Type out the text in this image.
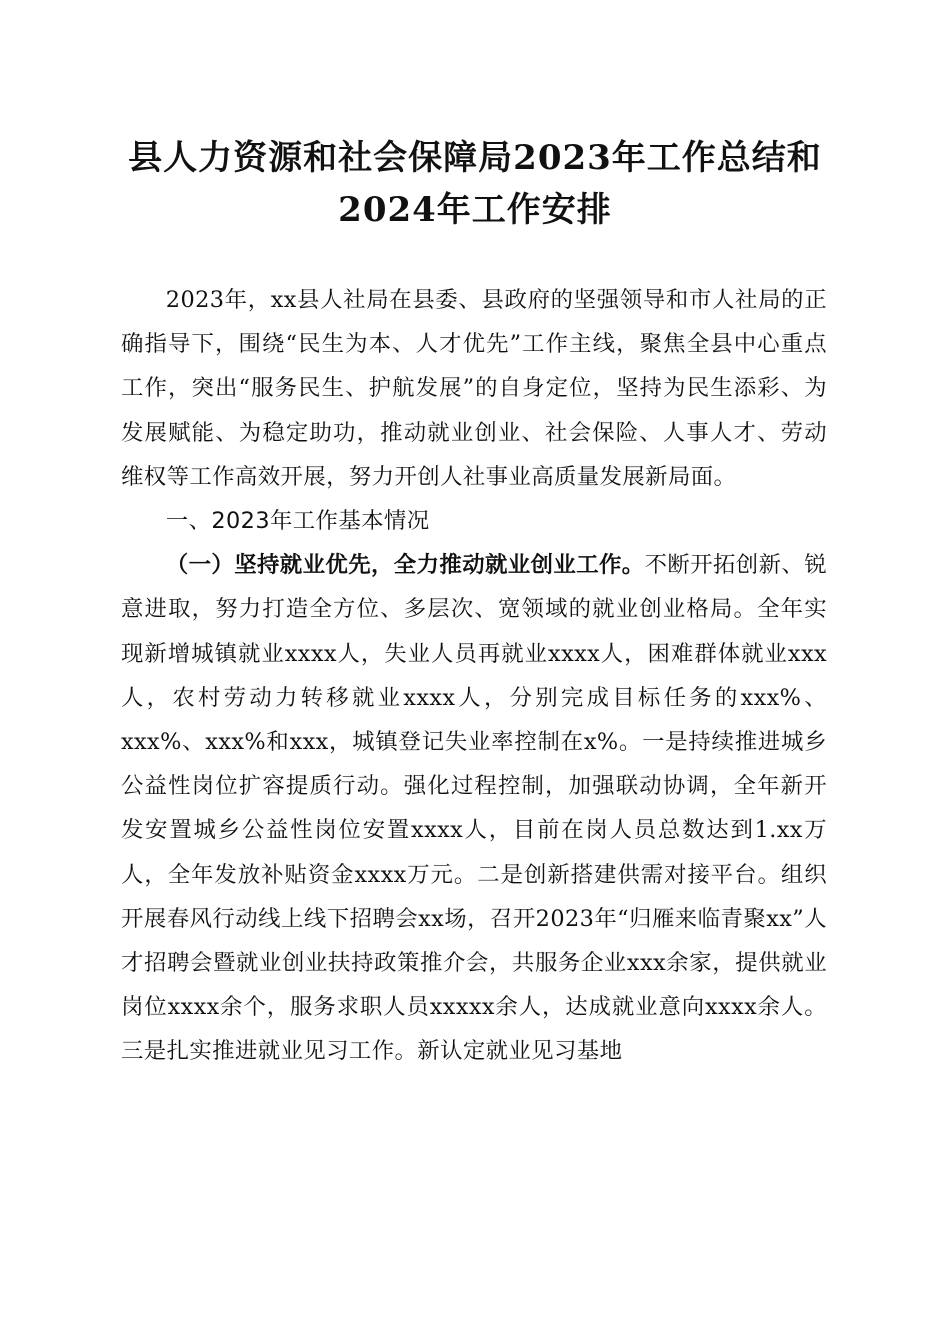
县人力资源和社会保障局2023年工作总结和
2024年工作安排

2023年，xx县人社局在县委、县政府的坚强领导和市人社局的正确指导下，围绕“民生为本、人才优先”工作主线，聚焦全县中心重点工作，突出“服务民生、护航发展”的自身定位，坚持为民生添彩、为发展赋能、为稳定助功，推动就业创业、社会保险、人事人才、劳动维权等工作高效开展，努力开创人社事业高质量发展新局面。

一、2023年工作基本情况

（一）坚持就业优先，全力推动就业创业工作。不断开拓创新、锐意进取，努力打造全方位、多层次、宽领域的就业创业格局。全年实现新增城镇就业xxxx人，失业人员再就业xxxx人，困难群体就业xxx人，农村劳动力转移就业xxxx人，分别完成目标任务的xxx%、xxx%、xxx%和xxx，城镇登记失业率控制在x%。一是持续推进城乡公益性岗位扩容提质行动。强化过程控制，加强联动协调，全年新开发安置城乡公益性岗位安置xxxx人，目前在岗人员总数达到1.xx万人，全年发放补贴资金xxxx万元。二是创新搭建供需对接平台。组织开展春风行动线上线下招聘会xx场，召开2023年“归雁来临青聚xx”人才招聘会暨就业创业扶持政策推介会，共服务企业xxx余家，提供就业岗位xxxx余个，服务求职人员xxxxx余人，达成就业意向xxxx余人。三是扎实推进就业见习工作。新认定就业见习基地
